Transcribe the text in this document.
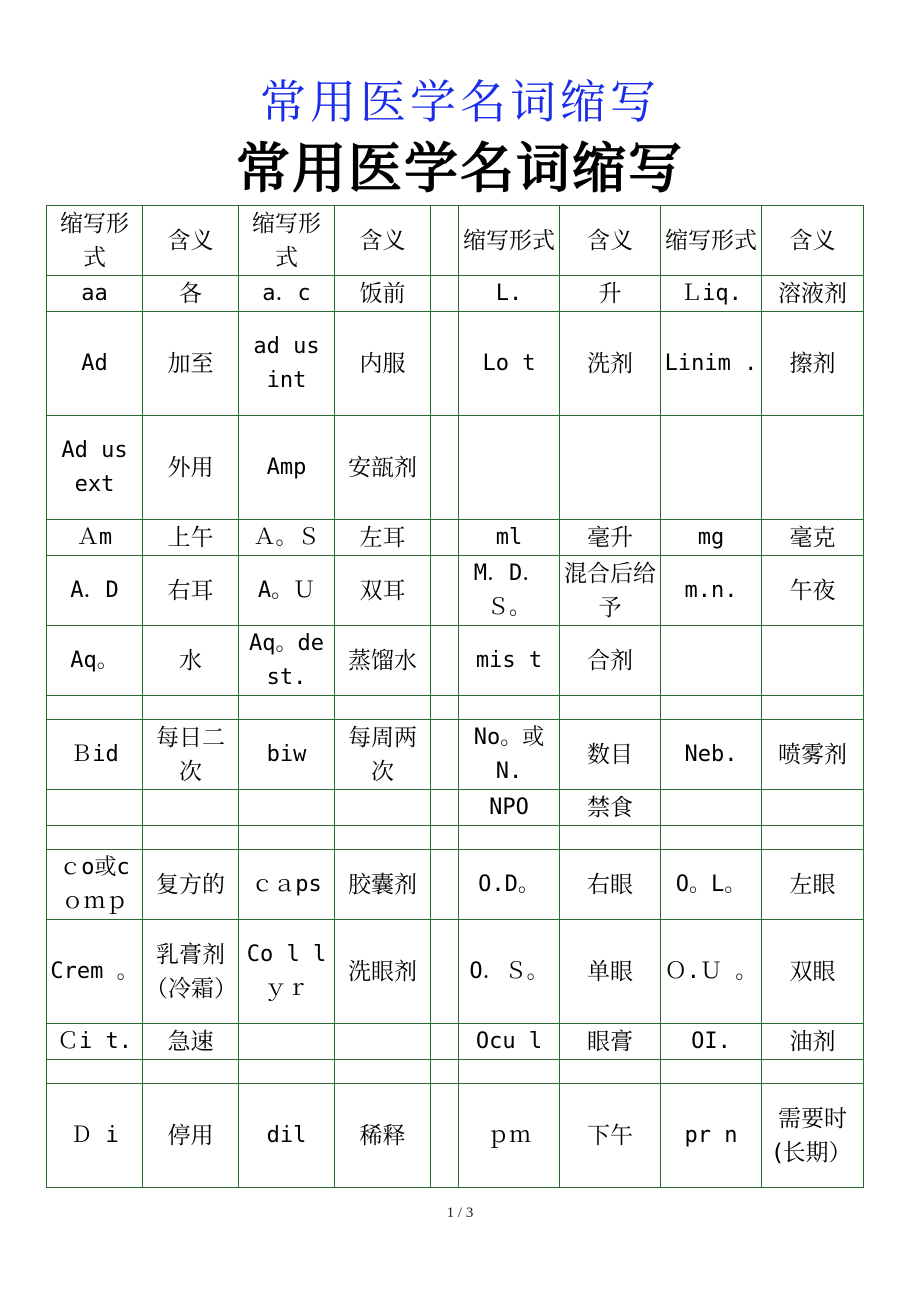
常用医学名词缩写
常用医学名词缩写
缩写形式	含义	缩写形式	含义		缩写形式	含义	缩写形式	含义
aa	各	a．c	饭前		L.	升	Ｌiq.	溶液剂
Ad	加至	ad us int	内服		Lo t	洗剂	Linim .	擦剂
Ad us ext	外用	Amp	安瓿剂					
Ａm	上午	Ａ。Ｓ	左耳		ml	毫升	mg	毫克
A．D	右耳	A。Ｕ	双耳		M．D． Ｓ。	混合后给予	m.n.	午夜
Aq。	水	Aq。de st.	蒸馏水		mis t	合剂		

Ｂid	每日二次	biw	每周两次		No。或 N.	数目	Neb.	喷雾剂
					NPO	禁食		

ｃo或c ｏｍｐ	复方的	ｃａps	胶囊剂		O.D。	右眼	O。L。	左眼
Crem 。	乳膏剂（冷霜）	Co l l ｙｒ	洗眼剂		O．Ｓ。	单眼	Ｏ.Ｕ 。	双眼
Ｃi t.	急速				Ocu l	眼膏	OI.	油剂

Ｄ i	停用	dil	稀释		ｐｍ	下午	pr n	需要时(长期）
1 / 3
